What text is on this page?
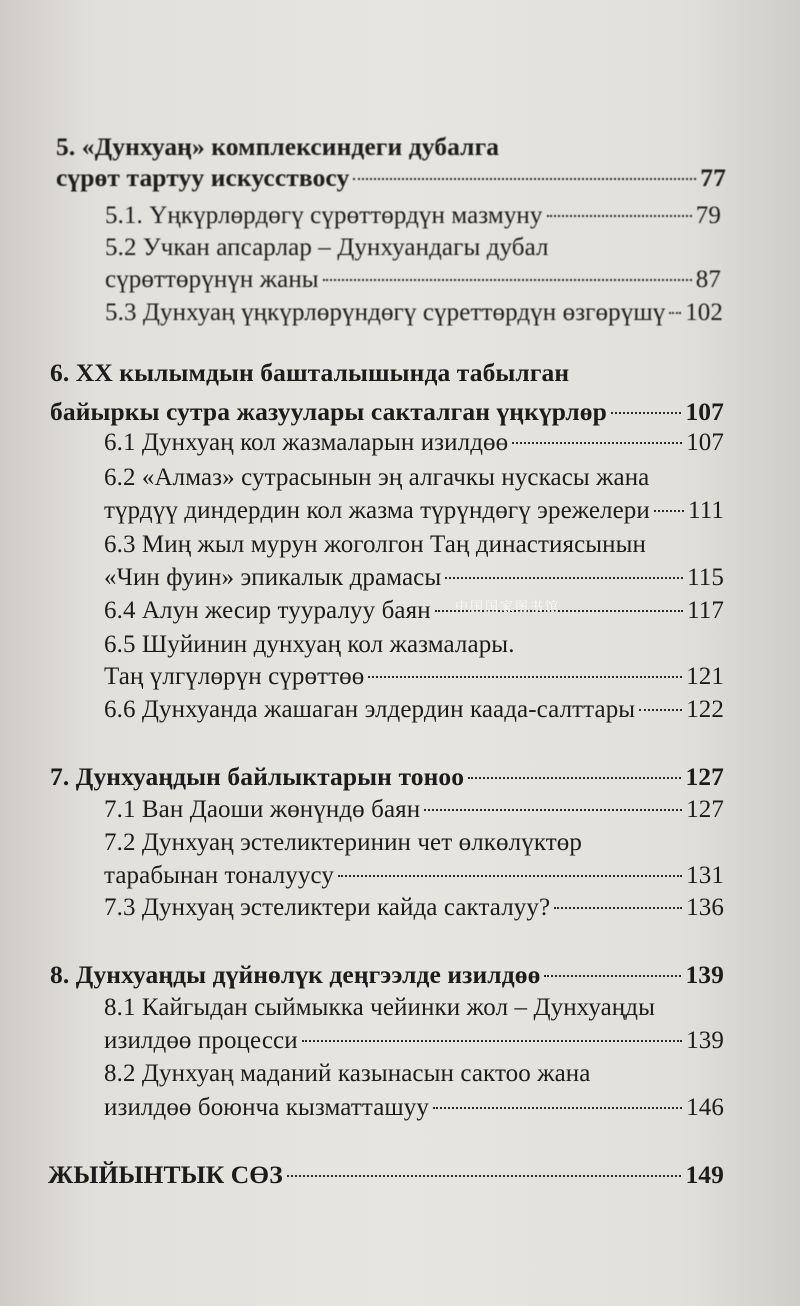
5. «Дунхуаң» комплексиндеги дубалга
сүрөт тартуу искусствосу	77
5.1. Үңкүрлөрдөгү сүрөттөрдүн мазмуну	79
5.2 Учкан апсарлар – Дунхуандагы дубал
сүрөттөрүнүн жаны	87
5.3 Дунхуаң үңкүрлөрүндөгү сүреттөрдүн өзгөрүшү 102
6. XX кылымдын башталышында табылган
байыркы сутра жазуулары сакталган үңкүрлөр	107
6.1 Дунхуаң кол жазмаларын изилдөө	107
6.2 «Алмаз» сутрасынын эң алгачкы нускасы жана
түрдүү диндердин кол жазма түрүндөгү эрежелери 111
6.3 Миң жыл мурун жоголгон Таң династиясынын
«Чин фуин» эпикалык драмасы	115
6.4 Алун жесир тууралуу баян	117
6.5 Шуйинин дунхуаң кол жазмалары.
Таң үлгүлөрүн сүрөттөө	121
6.6 Дунхуанда жашаган элдердин каада-салттары 122
7. Дунхуаңдын байлыктарын тоноо	127
7.1 Ван Даоши жөнүндө баян	127
7.2 Дунхуаң эстеликтеринин чет өлкөлүктөр
тарабынан тоналуусу	131
7.3 Дунхуаң эстеликтери кайда сакталуу?	136
8. Дунхуаңды дүйнөлүк деңгээлде изилдөө	139
8.1 Кайгыдан сыймыкка чейинки жол – Дунхуаңды
изилдөө процесси	139
8.2 Дунхуаң маданий казынасын сактоо жана
изилдөө боюнча кызматташуу	146
ЖЫЙЫНТЫК СӨЗ	149
中国国家图书馆
